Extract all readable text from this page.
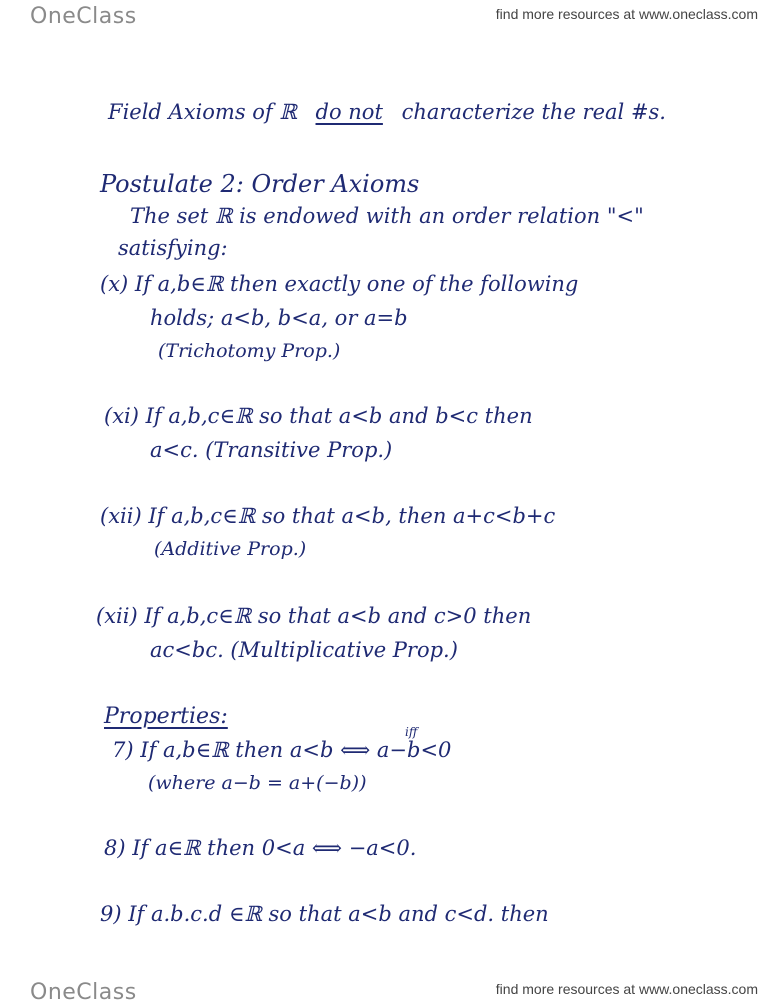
OneClass	find more resources at www.oneclass.com
Field Axioms of ℝ do not characterize the real #s.
Postulate 2: Order Axioms
The set ℝ is endowed with an order relation "<"
satisfying:
(x) If a,b∈ℝ then exactly one of the following
holds; a<b, b<a, or a=b
(Trichotomy Prop.)
(xi) If a,b,c∈ℝ so that a<b and b<c then
a<c. (Transitive Prop.)
(xii) If a,b,c∈ℝ so that a<b, then a+c<b+c
(Additive Prop.)
(xii) If a,b,c∈ℝ so that a<b and c>0 then
ac<bc. (Multiplicative Prop.)
Properties:
iff
7) If a,b∈ℝ then a<b ⟺ a−b<0
(where a−b = a+(−b))
8) If a∈ℝ then 0<a ⟺ −a<0.
9) If a.b.c.d ∈ℝ so that a<b and c<d. then
OneClass	find more resources at www.oneclass.com
